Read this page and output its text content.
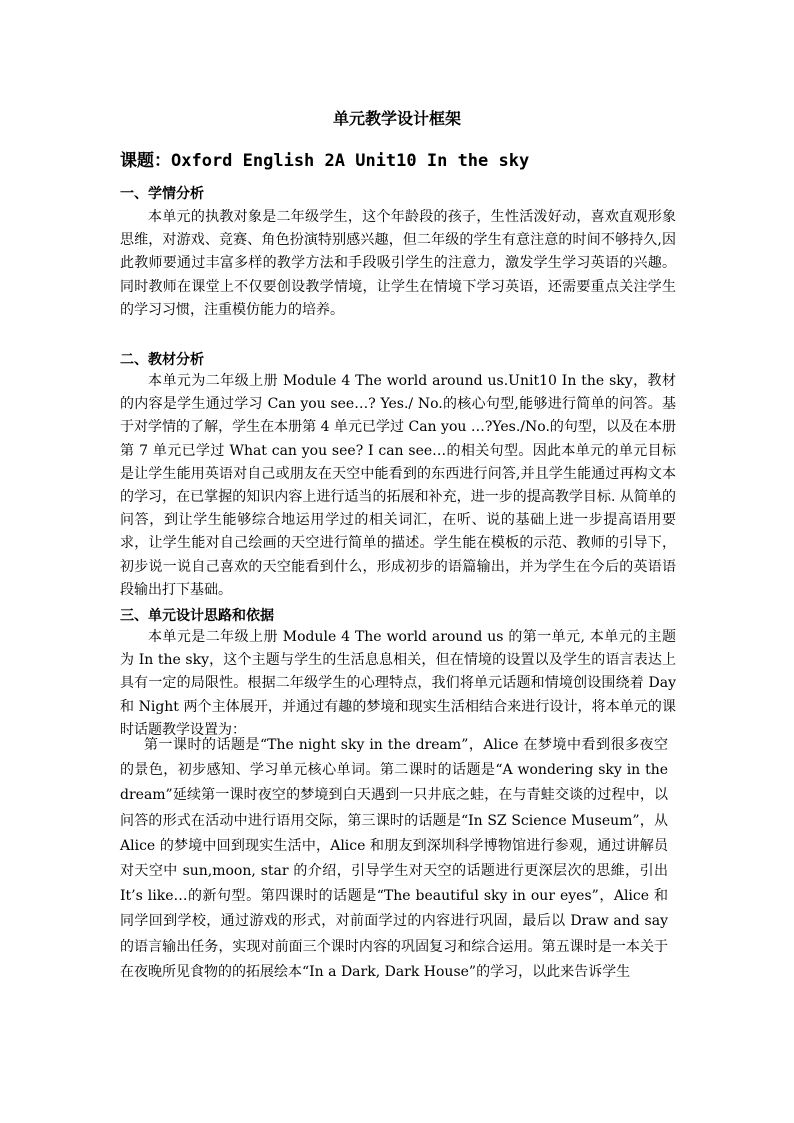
单元教学设计框架
课题：Oxford English 2A Unit10 In the sky
一、学情分析

本单元的执教对象是二年级学生，这个年龄段的孩子，生性活泼好动，喜欢直观形象思维，对游戏、竞赛、角色扮演特别感兴趣，但二年级的学生有意注意的时间不够持久,因此教师要通过丰富多样的教学方法和手段吸引学生的注意力，激发学生学习英语的兴趣。同时教师在课堂上不仅要创设教学情境，让学生在情境下学习英语，还需要重点关注学生的学习习惯，注重模仿能力的培养。

二、教材分析

本单元为二年级上册 Module 4 The world around us.Unit10 In the sky，教材的内容是学生通过学习 Can you see…? Yes./ No.的核心句型,能够进行简单的问答。基于对学情的了解，学生在本册第 4 单元已学过 Can you …?Yes./No.的句型，以及在本册第 7 单元已学过 What can you see? I can see…的相关句型。因此本单元的单元目标是让学生能用英语对自己或朋友在天空中能看到的东西进行问答,并且学生能通过再构文本的学习，在已掌握的知识内容上进行适当的拓展和补充，进一步的提高教学目标. 从简单的问答，到让学生能够综合地运用学过的相关词汇，在听、说的基础上进一步提高语用要求，让学生能对自己绘画的天空进行简单的描述。学生能在模板的示范、教师的引导下，初步说一说自己喜欢的天空能看到什么，形成初步的语篇输出，并为学生在今后的英语语段输出打下基础。

三、单元设计思路和依据

本单元是二年级上册 Module 4 The world around us 的第一单元, 本单元的主题为 In the sky，这个主题与学生的生活息息相关，但在情境的设置以及学生的语言表达上具有一定的局限性。根据二年级学生的心理特点，我们将单元话题和情境创设围绕着 Day 和 Night 两个主体展开，并通过有趣的梦境和现实生活相结合来进行设计，将本单元的课时话题教学设置为：

第一课时的话题是“The night sky in the dream”，Alice 在梦境中看到很多夜空的景色，初步感知、学习单元核心单词。第二课时的话题是“A wondering sky in the dream”延续第一课时夜空的梦境到白天遇到一只井底之蛙，在与青蛙交谈的过程中，以问答的形式在活动中进行语用交际，第三课时的话题是“In SZ Science Museum”，从 Alice 的梦境中回到现实生活中，Alice 和朋友到深圳科学博物馆进行参观，通过讲解员对天空中 sun,moon, star 的介绍，引导学生对天空的话题进行更深层次的思維，引出 It’s like…的新句型。第四课时的话题是“The beautiful sky in our eyes”，Alice 和同学回到学校，通过游戏的形式，对前面学过的内容进行巩固，最后以 Draw and say 的语言输出任务，实现对前面三个课时内容的巩固复习和综合运用。第五课时是一本关于在夜晚所见食物的的拓展绘本“In a Dark, Dark House”的学习，以此来告诉学生
